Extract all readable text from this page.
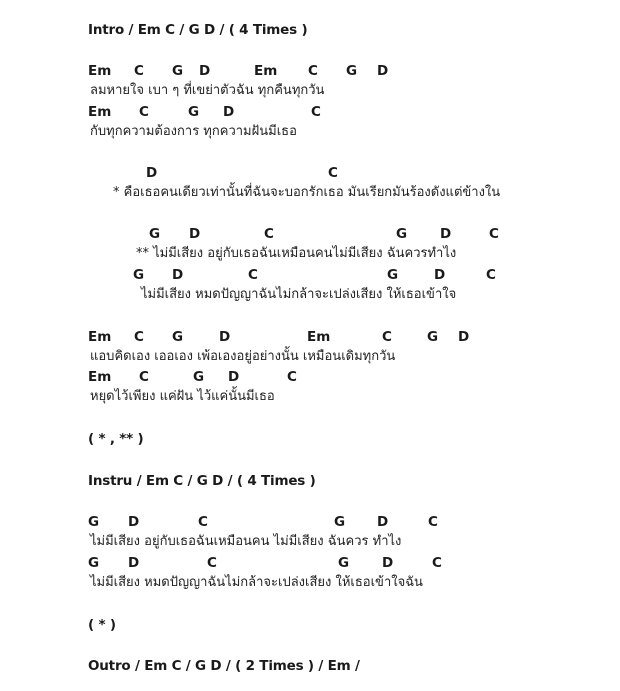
Intro / Em C / G D / ( 4 Times )
ลมหายใจ เบา ๆ ที่เขย่าตัวฉัน ทุกคืนทุกวัน
กับทุกความต้องการ ทุกความฝันมีเธอ
* คือเธอคนเดียวเท่านั้นที่ฉันจะบอกรักเธอ มันเรียกมันร้องดังแต่ข้างใน
** ไม่มีเสียง อยู่กับเธอฉันเหมือนคนไม่มีเสียง ฉันควรทำไง
ไม่มีเสียง หมดปัญญาฉันไม่กล้าจะเปล่งเสียง ให้เธอเข้าใจ
แอบคิดเอง เออเอง เพ้อเองอยู่อย่างนั้น เหมือนเดิมทุกวัน
หยุดไว้เพียง แค่ฝัน ไว้แค่นั้นมีเธอ
( * , ** )
Instru / Em C / G D / ( 4 Times )
ไม่มีเสียง อยู่กับเธอฉันเหมือนคน ไม่มีเสียง ฉันควร ทำไง
ไม่มีเสียง หมดปัญญาฉันไม่กล้าจะเปล่งเสียง ให้เธอเข้าใจฉัน
( * )
Outro / Em C / G D / ( 2 Times ) / Em /
Em C G D	Em C G D
Em C	G D	C
D	C
G D	C	G D	C
G D	C	G	D	C
Em C G	D	Em	C	G D
Em C	G D	C
G D	C	G D	C
G D	C	G D	C
